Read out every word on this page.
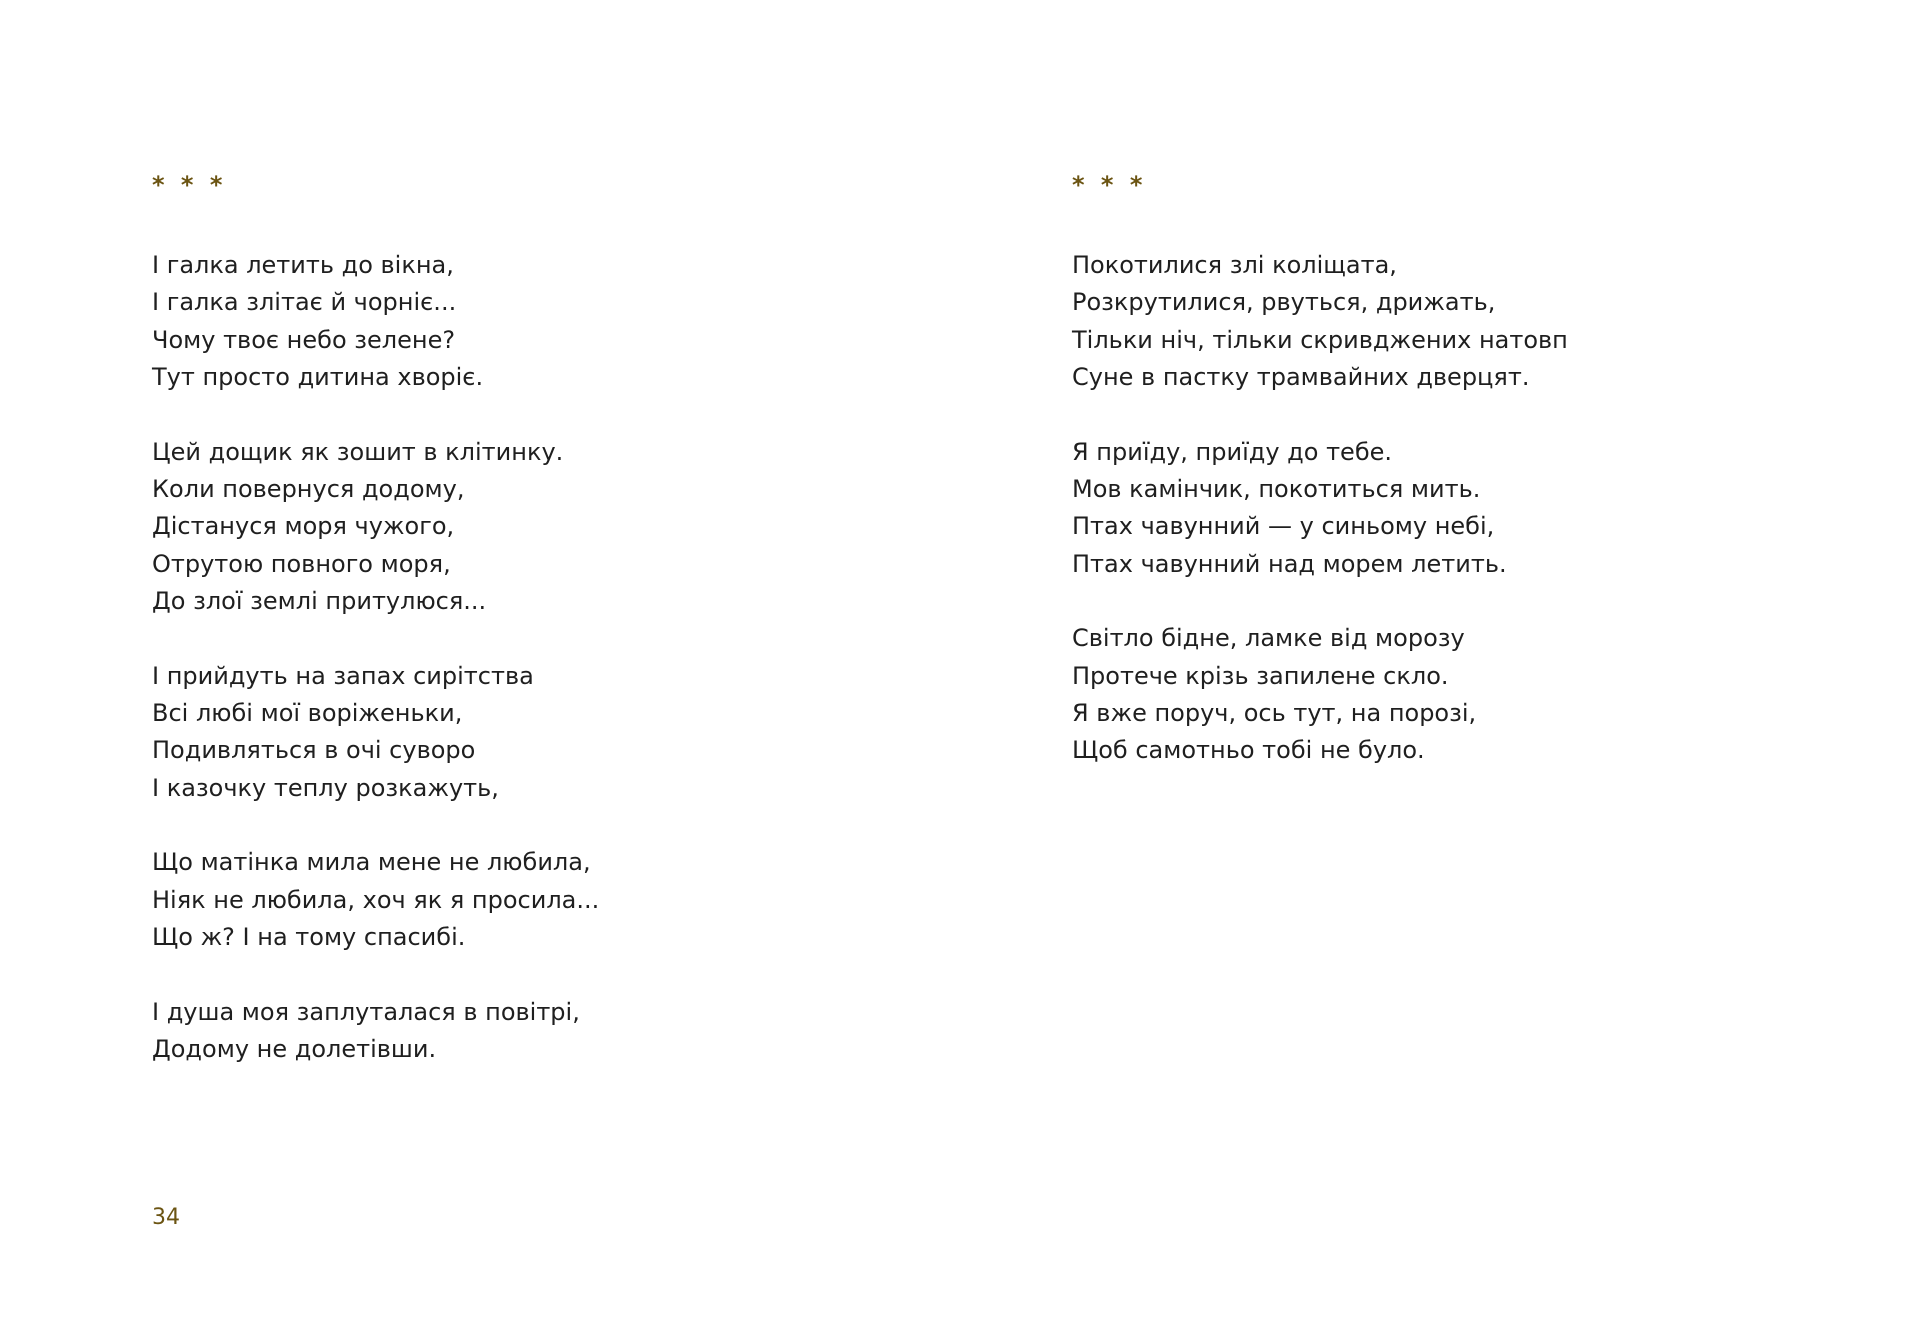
* * *
І галка летить до вікна,
І галка злітає й чорніє...
Чому твоє небо зелене?
Тут просто дитина хворіє.
Цей дощик як зошит в клітинку.
Коли повернуся додому,
Дістануся моря чужого,
Отрутою повного моря,
До злої землі притулюся...
І прийдуть на запах сирітства
Всі любі мої воріженьки,
Подивляться в очі суворо
І казочку теплу розкажуть,
Що матінка мила мене не любила,
Ніяк не любила, хоч як я просила...
Що ж? І на тому спасибі.
І душа моя заплуталася в повітрі,
Додому не долетівши.
34
* * *
Покотилися злі коліщата,
Розкрутилися, рвуться, дрижать,
Тільки ніч, тільки скривджених натовп
Суне в пастку трамвайних дверцят.
Я приїду, приїду до тебе.
Мов камінчик, покотиться мить.
Птах чавунний — у синьому небі,
Птах чавунний над морем летить.
Світло бідне, ламке від морозу
Протече крізь запилене скло.
Я вже поруч, ось тут, на порозі,
Щоб самотньо тобі не було.
